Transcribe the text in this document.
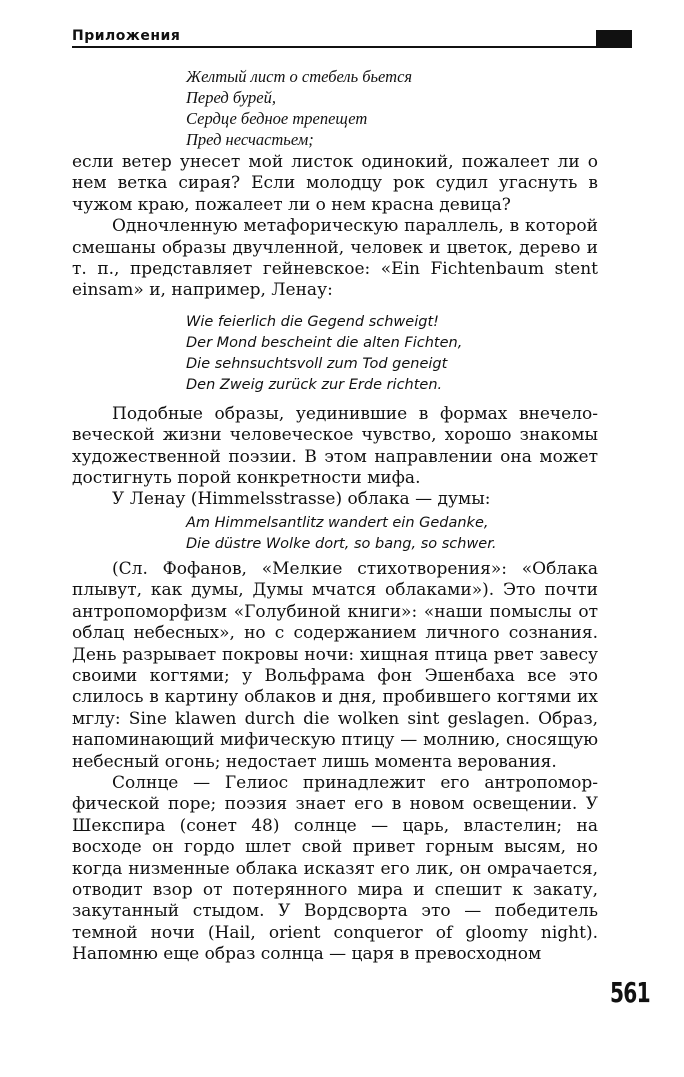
Приложения
Желтый лист о стебель бьется
Перед бурей,
Сердце бедное трепещет
Пред несчастьем;

если ветер унесет мой листок одинокий, пожалеет ли о нем ветка сирая? Если молодцу рок судил угаснуть в чужом краю, пожалеет ли о нем красна девица?

Одночленную метафорическую параллель, в которой смешаны образы двучленной, человек и цветок, дерево и т. п., представляет гейневское: «Ein Fichtenbaum stent einsam» и, например, Ленау:

Wie feierlich die Gegend schweigt!
Der Mond bescheint die alten Fichten,
Die sehnsuchtsvoll zum Tod geneigt
Den Zweig zurück zur Erde richten.

Подобные образы, уединившие в формах внечеловеческой жизни человеческое чувство, хорошо знакомы художественной поэзии. В этом направлении она может достигнуть порой конкретности мифа.

У Ленау (Himmelsstrasse) облака — думы:

Am Himmelsantlitz wandert ein Gedanke,
Die düstre Wolke dort, so bang, so schwer.

(Сл. Фофанов, «Мелкие стихотворения»: «Облака плывут, как думы, Думы мчатся облаками»). Это почти антропоморфизм «Голубиной книги»: «наши помыслы от облац небесных», но с содержанием личного сознания. День разрывает покровы ночи: хищная птица рвет завесу своими когтями; у Вольфрама фон Эшенбаха все это слилось в картину облаков и дня, пробившего когтями их мглу: Sine klawen durch die wolken sint geslagen. Образ, напоминающий мифическую птицу — молнию, сносящую небесный огонь; недостает лишь момента верования.

Солнце — Гелиос принадлежит его антропоморфической поре; поэзия знает его в новом освещении. У Шекспира (сонет 48) солнце — царь, властелин; на восходе он гордо шлет свой привет горным высям, но когда низменные облака исказят его лик, он омрачается, отводит взор от потерянного мира и спешит к закату, закутанный стыдом. У Вордсворта это — победитель темной ночи (Hail, orient conqueror of gloomy night). Напомню еще образ солнца — царя в превосходном

561
